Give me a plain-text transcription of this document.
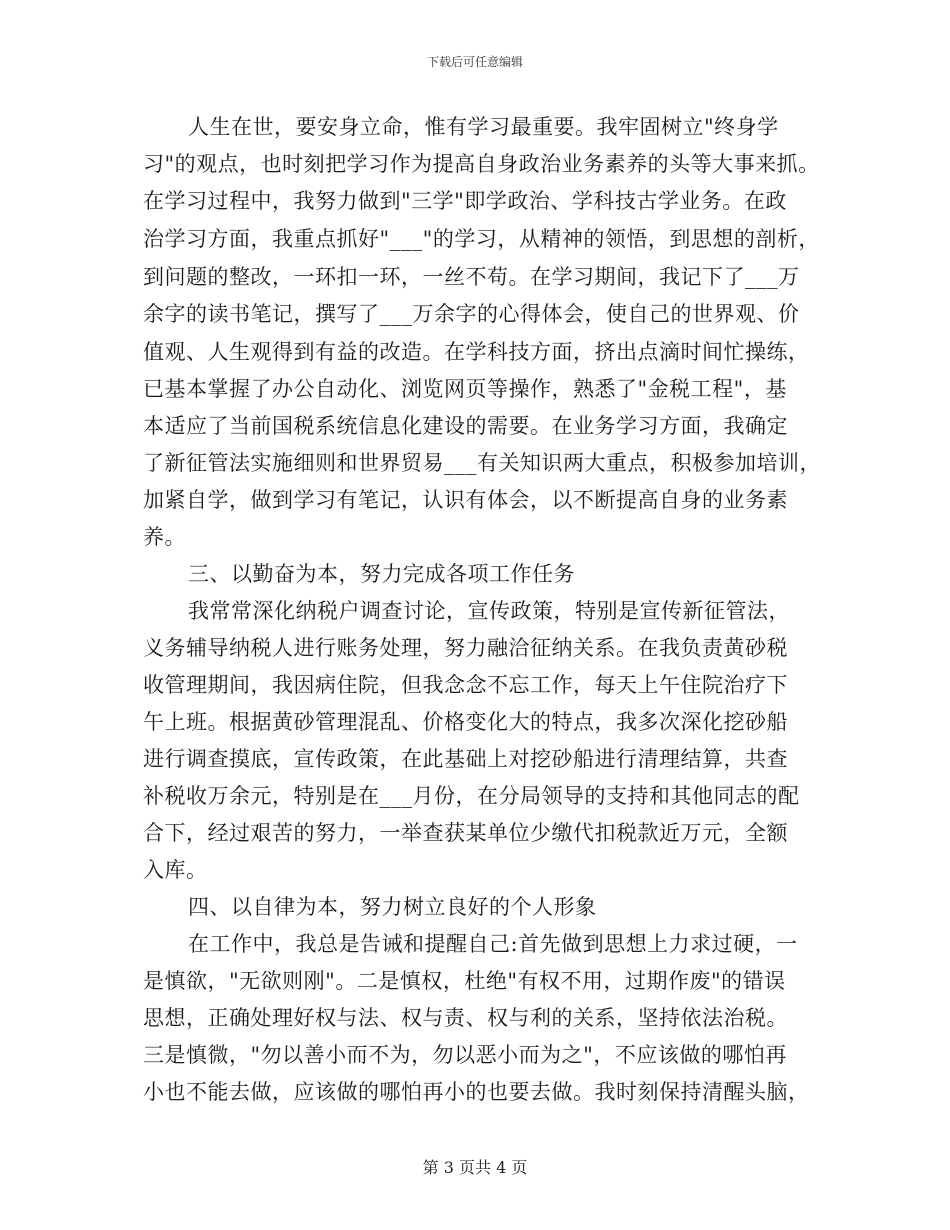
下载后可任意编辑
人生在世，要安身立命，惟有学习最重要。我牢固树立"终身学
习"的观点，也时刻把学习作为提高自身政治业务素养的头等大事来抓。
在学习过程中，我努力做到"三学"即学政治、学科技古学业务。在政
治学习方面，我重点抓好"___"的学习，从精神的领悟，到思想的剖析，
到问题的整改，一环扣一环，一丝不苟。在学习期间，我记下了___万
余字的读书笔记，撰写了___万余字的心得体会，使自己的世界观、价
值观、人生观得到有益的改造。在学科技方面，挤出点滴时间忙操练，
已基本掌握了办公自动化、浏览网页等操作，熟悉了"金税工程"，基
本适应了当前国税系统信息化建设的需要。在业务学习方面，我确定
了新征管法实施细则和世界贸易___有关知识两大重点，积极参加培训，
加紧自学，做到学习有笔记，认识有体会，以不断提高自身的业务素
养。
三、以勤奋为本，努力完成各项工作任务
我常常深化纳税户调查讨论，宣传政策，特别是宣传新征管法，
义务辅导纳税人进行账务处理，努力融洽征纳关系。在我负责黄砂税
收管理期间，我因病住院，但我念念不忘工作，每天上午住院治疗下
午上班。根据黄砂管理混乱、价格变化大的特点，我多次深化挖砂船
进行调查摸底，宣传政策，在此基础上对挖砂船进行清理结算，共查
补税收万余元，特别是在___月份，在分局领导的支持和其他同志的配
合下，经过艰苦的努力，一举查获某单位少缴代扣税款近万元，全额
入库。
四、以自律为本，努力树立良好的个人形象
在工作中，我总是告诫和提醒自己:首先做到思想上力求过硬，一
是慎欲，"无欲则刚"。二是慎权，杜绝"有权不用，过期作废"的错误
思想，正确处理好权与法、权与责、权与利的关系，坚持依法治税。
三是慎微，"勿以善小而不为，勿以恶小而为之"，不应该做的哪怕再
小也不能去做，应该做的哪怕再小的也要去做。我时刻保持清醒头脑，
第 3 页共 4 页
